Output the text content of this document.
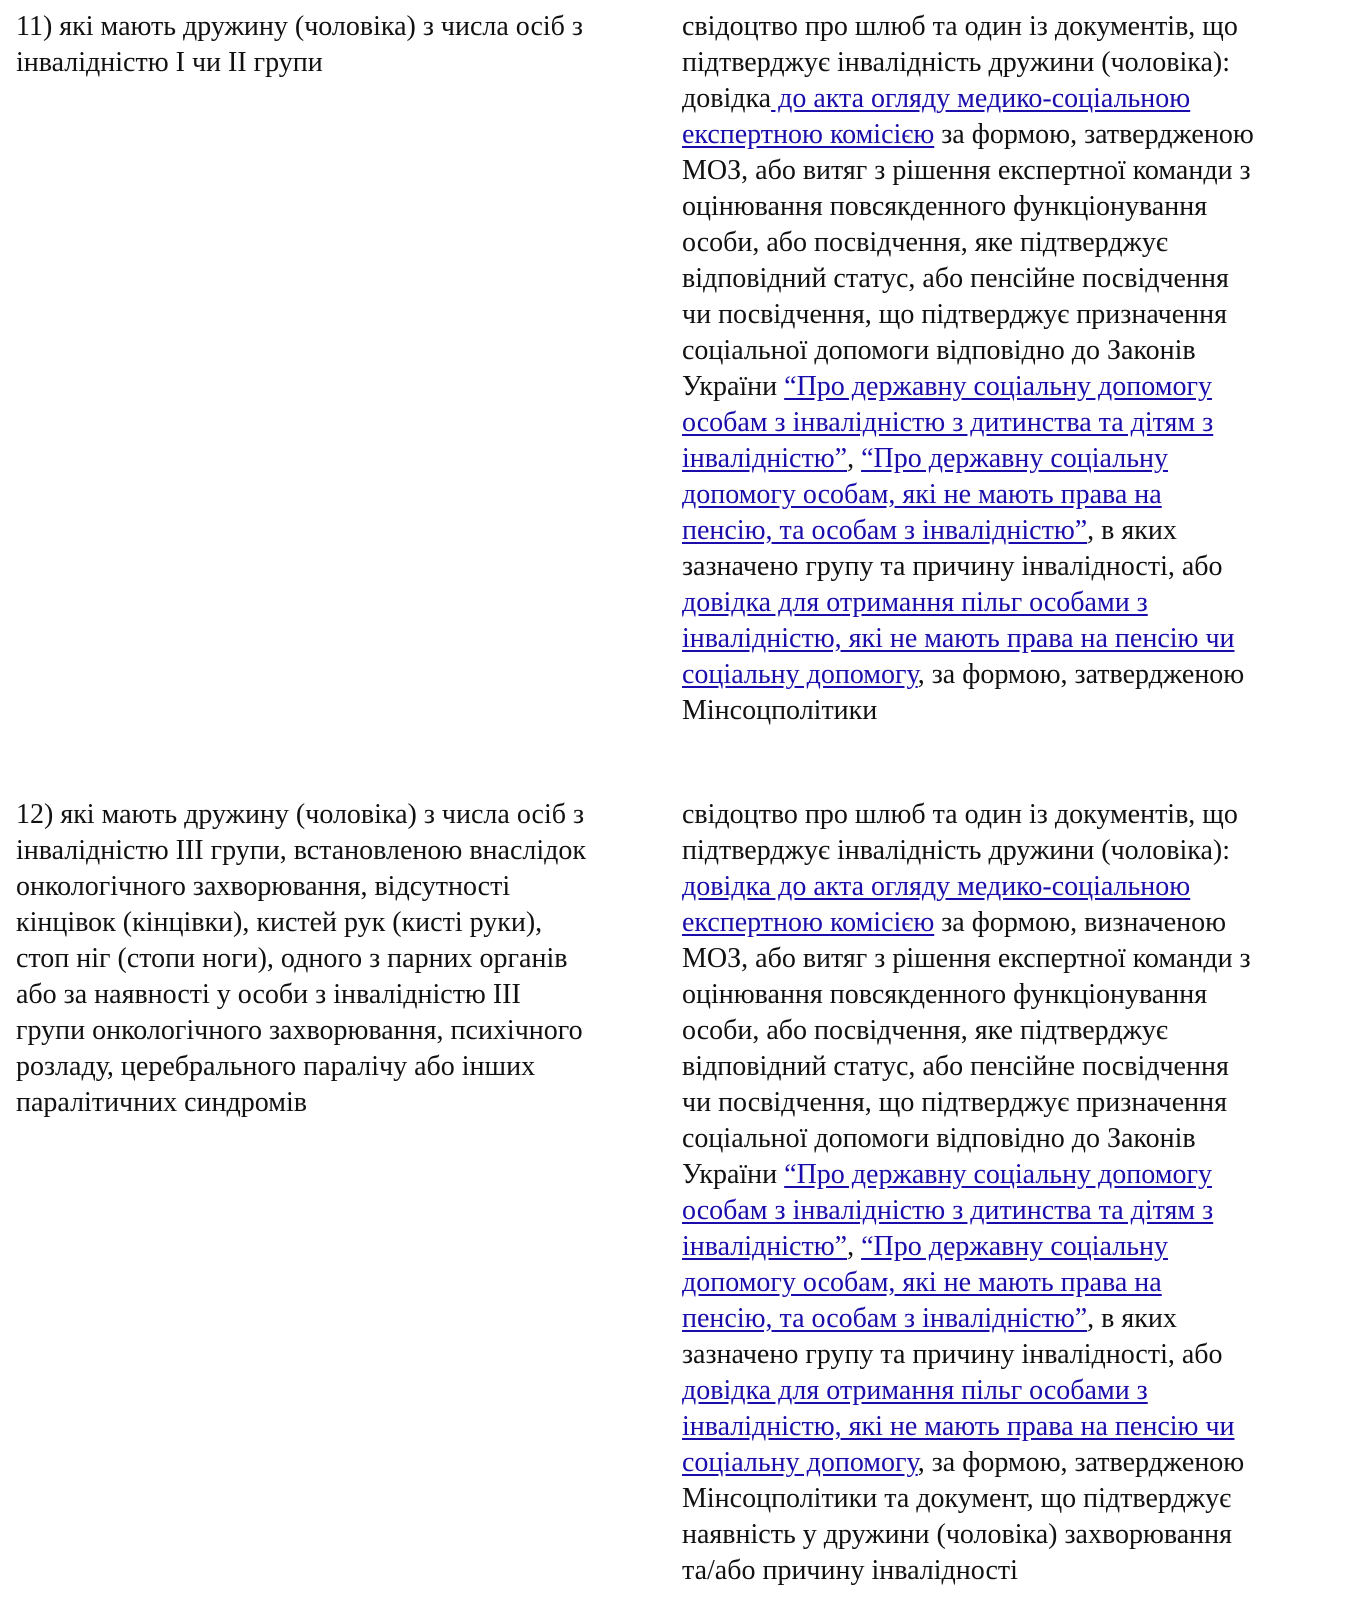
11) які мають дружину (чоловіка) з числа осіб з
інвалідністю I чи II групи
свідоцтво про шлюб та один із документів, що
підтверджує інвалідність дружини (чоловіка):
довідка до акта огляду медико-соціальною
експертною комісією за формою, затвердженою
МОЗ, або витяг з рішення експертної команди з
оцінювання повсякденного функціонування
особи, або посвідчення, яке підтверджує
відповідний статус, або пенсійне посвідчення
чи посвідчення, що підтверджує призначення
соціальної допомоги відповідно до Законів
України “Про державну соціальну допомогу
особам з інвалідністю з дитинства та дітям з
інвалідністю”, “Про державну соціальну
допомогу особам, які не мають права на
пенсію, та особам з інвалідністю”, в яких
зазначено групу та причину інвалідності, або
довідка для отримання пільг особами з
інвалідністю, які не мають права на пенсію чи
соціальну допомогу, за формою, затвердженою
Мінсоцполітики
12) які мають дружину (чоловіка) з числа осіб з
інвалідністю III групи, встановленою внаслідок
онкологічного захворювання, відсутності
кінцівок (кінцівки), кистей рук (кисті руки),
стоп ніг (стопи ноги), одного з парних органів
або за наявності у особи з інвалідністю III
групи онкологічного захворювання, психічного
розладу, церебрального паралічу або інших
паралітичних синдромів
свідоцтво про шлюб та один із документів, що
підтверджує інвалідність дружини (чоловіка):
довідка до акта огляду медико-соціальною
експертною комісією за формою, визначеною
МОЗ, або витяг з рішення експертної команди з
оцінювання повсякденного функціонування
особи, або посвідчення, яке підтверджує
відповідний статус, або пенсійне посвідчення
чи посвідчення, що підтверджує призначення
соціальної допомоги відповідно до Законів
України “Про державну соціальну допомогу
особам з інвалідністю з дитинства та дітям з
інвалідністю”, “Про державну соціальну
допомогу особам, які не мають права на
пенсію, та особам з інвалідністю”, в яких
зазначено групу та причину інвалідності, або
довідка для отримання пільг особами з
інвалідністю, які не мають права на пенсію чи
соціальну допомогу, за формою, затвердженою
Мінсоцполітики та документ, що підтверджує
наявність у дружини (чоловіка) захворювання
та/або причину інвалідності
